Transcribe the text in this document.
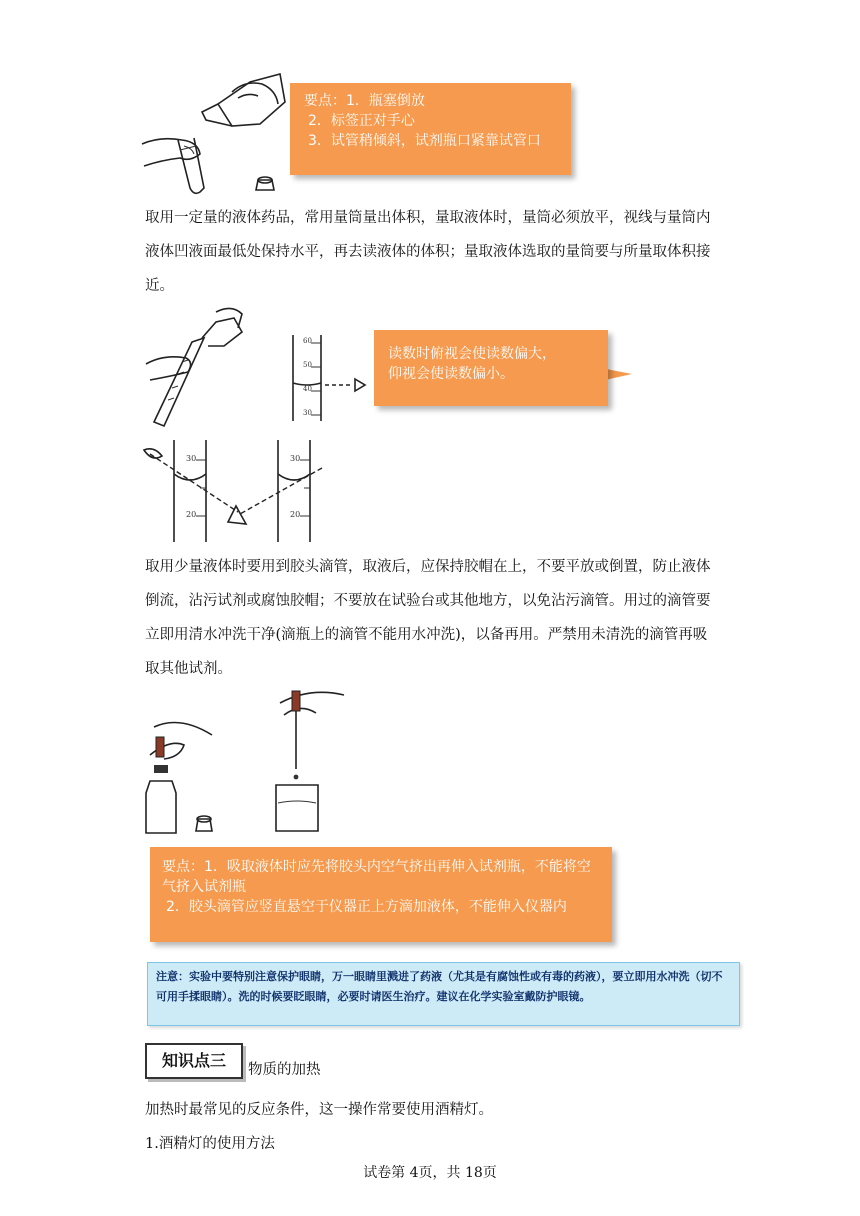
要点：1．瓶塞倒放
2．标签正对手心
3．试管稍倾斜，试剂瓶口紧靠试管口
取用一定量的液体药品，常用量筒量出体积，量取液体时，量筒必须放平，视线与量筒内液体凹液面最低处保持水平，再去读液体的体积；量取液体选取的量筒要与所量取体积接近。
60
50
40
30
读数时俯视会使读数偏大，仰视会使读数偏小。
30
20
30
20
取用少量液体时要用到胶头滴管，取液后，应保持胶帽在上，不要平放或倒置，防止液体倒流，沾污试剂或腐蚀胶帽；不要放在试验台或其他地方，以免沾污滴管。用过的滴管要立即用清水冲洗干净(滴瓶上的滴管不能用水冲洗)，以备再用。严禁用未清洗的滴管再吸取其他试剂。
要点：1．吸取液体时应先将胶头内空气挤出再伸入试剂瓶，不能将空气挤入试剂瓶
2．胶头滴管应竖直悬空于仪器正上方滴加液体，不能伸入仪器内
注意：实验中要特别注意保护眼睛，万一眼睛里溅进了药液（尤其是有腐蚀性或有毒的药液），要立即用水冲洗（切不可用手揉眼睛）。洗的时候要眨眼睛，必要时请医生治疗。建议在化学实验室戴防护眼镜。
知识点三	物质的加热
加热时最常见的反应条件，这一操作常要使用酒精灯。
1.酒精灯的使用方法
试卷第 4页，共 18页
